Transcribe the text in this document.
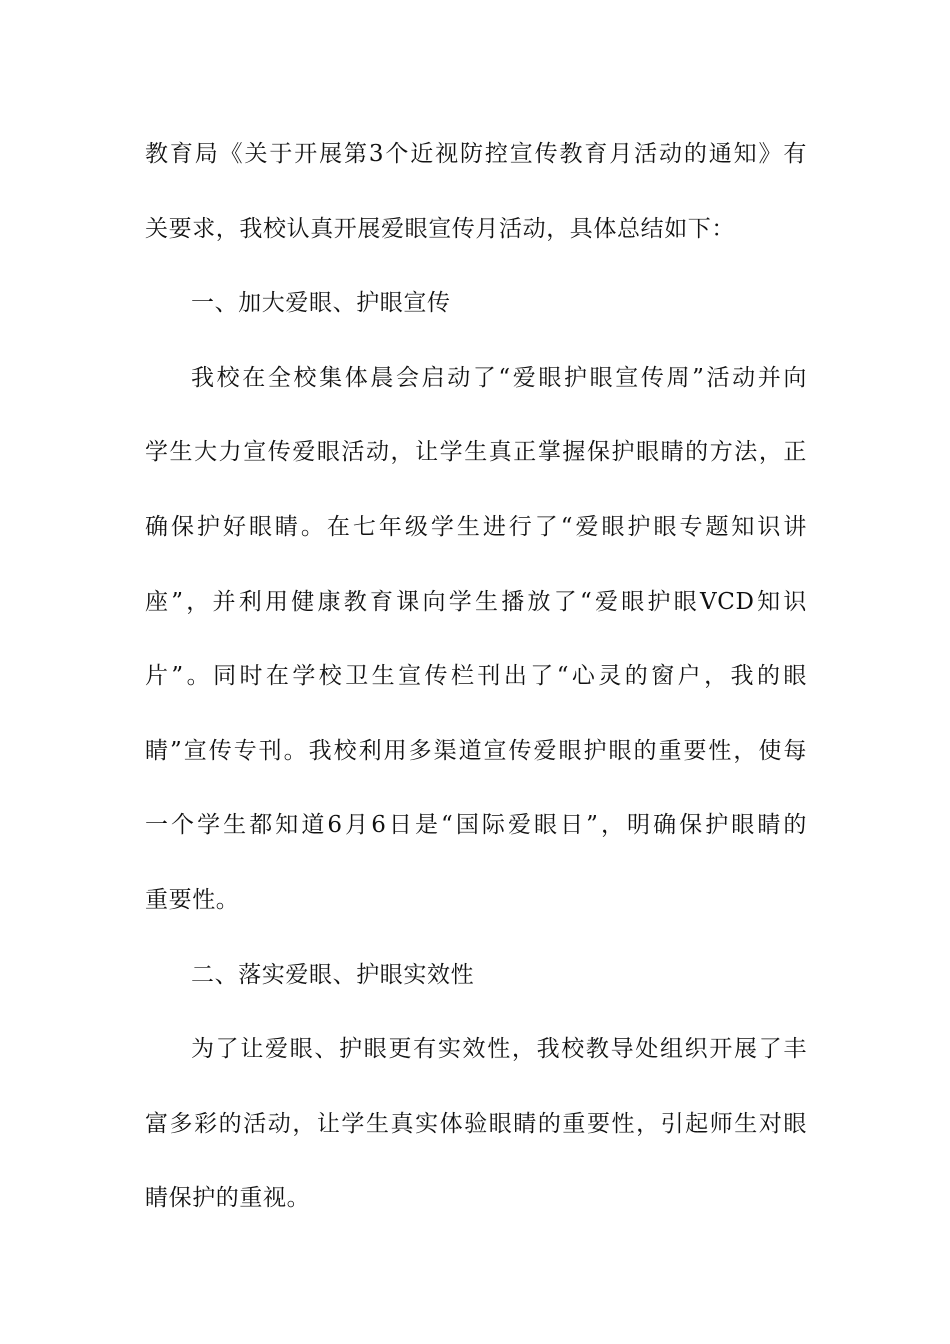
教育局《关于开展第3个近视防控宣传教育月活动的通知》有
关要求，我校认真开展爱眼宣传月活动，具体总结如下：
一、加大爱眼、护眼宣传
我校在全校集体晨会启动了“爱眼护眼宣传周”活动并向
学生大力宣传爱眼活动，让学生真正掌握保护眼睛的方法，正
确保护好眼睛。在七年级学生进行了“爱眼护眼专题知识讲
座”，并利用健康教育课向学生播放了“爱眼护眼VCD知识
片”。同时在学校卫生宣传栏刊出了“心灵的窗户，我的眼
睛”宣传专刊。我校利用多渠道宣传爱眼护眼的重要性，使每
一个学生都知道6月6日是“国际爱眼日”，明确保护眼睛的
重要性。
二、落实爱眼、护眼实效性
为了让爱眼、护眼更有实效性，我校教导处组织开展了丰
富多彩的活动，让学生真实体验眼睛的重要性，引起师生对眼
睛保护的重视。
